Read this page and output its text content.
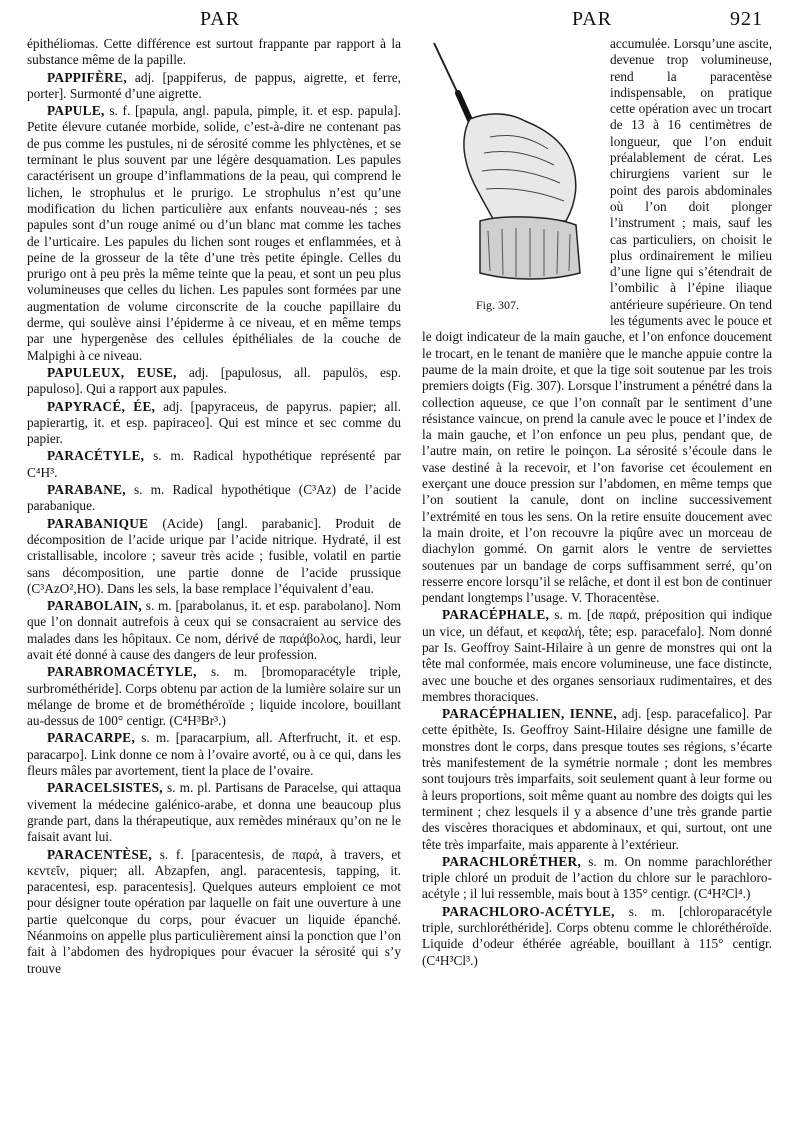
PAR	PAR	921

épithéliomas. Cette différence est surtout frappante par rapport à la substance même de la papille.

PAPPIFÈRE, adj. [pappiferus, de pappus, aigrette, et ferre, porter]. Surmonté d’une aigrette.

PAPULE, s. f. [papula, angl. papula, pimple, it. et esp. papula]. Petite élevure cutanée morbide, solide, c’est-à-dire ne contenant pas de pus comme les pustules, ni de sérosité comme les phlyctènes, et se terminant le plus souvent par une légère desquamation. Les papules caractérisent un groupe d’inflammations de la peau, qui comprend le lichen, le strophulus et le prurigo. Le strophulus n’est qu’une modification du lichen particulière aux enfants nouveau-nés ; ses papules sont d’un rouge animé ou d’un blanc mat comme les taches de l’urticaire. Les papules du lichen sont rouges et enflammées, et à peine de la grosseur de la tête d’une très petite épingle. Celles du prurigo ont à peu près la même teinte que la peau, et sont un peu plus volumineuses que celles du lichen. Les papules sont formées par une augmentation de volume circonscrite de la couche papillaire du derme, qui soulève ainsi l’épiderme à ce niveau, et en même temps par une hypergenèse des cellules épithéliales de la couche de Malpighi à ce niveau.

PAPULEUX, EUSE, adj. [papulosus, all. papulös, esp. papuloso]. Qui a rapport aux papules.

PAPYRACÉ, ÉE, adj. [papyraceus, de papyrus. papier; all. papierartig, it. et esp. papiraceo]. Qui est mince et sec comme du papier.

PARACÉTYLE, s. m. Radical hypothétique représenté par C⁴H³.

PARABANE, s. m. Radical hypothétique (C³Az) de l’acide parabanique.

PARABANIQUE (Acide) [angl. parabanic]. Produit de décomposition de l’acide urique par l’acide nitrique. Hydraté, il est cristallisable, incolore ; saveur très acide ; fusible, volatil en partie sans décomposition, une partie donne de l’acide prussique (C³AzO²,HO). Dans les sels, la base remplace l’équivalent d’eau.

PARABOLAIN, s. m. [parabolanus, it. et esp. parabolano]. Nom que l’on donnait autrefois à ceux qui se consacraient au service des malades dans les hôpitaux. Ce nom, dérivé de παράβολος, hardi, leur avait été donné à cause des dangers de leur profession.

PARABROMACÉTYLE, s. m. [bromoparacétyle triple, surbrométhéride]. Corps obtenu par action de la lumière solaire sur un mélange de brome et de brométhéroïde ; liquide incolore, bouillant au-dessus de 100° centigr. (C⁴H³Br³.)

PARACARPE, s. m. [paracarpium, all. Afterfrucht, it. et esp. paracarpo]. Link donne ce nom à l’ovaire avorté, ou à ce qui, dans les fleurs mâles par avortement, tient la place de l’ovaire.

PARACELSISTES, s. m. pl. Partisans de Paracelse, qui attaqua vivement la médecine galénico-arabe, et donna une beaucoup plus grande part, dans la thérapeutique, aux remèdes minéraux qu’on ne le faisait avant lui.

PARACENTÈSE, s. f. [paracentesis, de παρά, à travers, et κεντεῖν, piquer; all. Abzapfen, angl. paracentesis, tapping, it. paracentesi, esp. paracentesis]. Quelques auteurs emploient ce mot pour désigner toute opération par laquelle on fait une ouverture à une partie quelconque du corps, pour évacuer un liquide épanché. Néanmoins on appelle plus particulièrement ainsi la ponction que l’on fait à l’abdomen des hydropiques pour évacuer la sérosité qui s’y trouve

Fig. 307.
accumulée. Lorsqu’une ascite, devenue trop volumineuse, rend la paracentèse indispensable, on pratique cette opération avec un trocart de 13 à 16 centimètres de longueur, que l’on enduit préalablement de cérat. Les chirurgiens varient sur le point des parois abdominales où l’on doit plonger l’instrument ; mais, sauf les cas particuliers, on choisit le plus ordinairement le milieu d’une ligne qui s’étendrait de l’ombilic à l’épine iliaque antérieure supérieure. On tend les téguments avec le pouce et le doigt indicateur de la main gauche, et l’on enfonce doucement le trocart, en le tenant de manière que le manche appuie contre la paume de la main droite, et que la tige soit soutenue par les trois premiers doigts (Fig. 307). Lorsque l’instrument a pénétré dans la collection aqueuse, ce que l’on connaît par le sentiment d’une résistance vaincue, on prend la canule avec le pouce et l’index de la main gauche, et l’on enfonce un peu plus, pendant que, de l’autre main, on retire le poinçon. La sérosité s’écoule dans le vase destiné à la recevoir, et l’on favorise cet écoulement en exerçant une douce pression sur l’abdomen, en même temps que l’on soutient la canule, dont on incline successivement l’extrémité en tous les sens. On la retire ensuite doucement avec la main droite, et l’on recouvre la piqûre avec un morceau de diachylon gommé. On garnit alors le ventre de serviettes soutenues par un bandage de corps suffisamment serré, qu’on resserre encore lorsqu’il se relâche, et dont il est bon de continuer pendant longtemps l’usage. V. Thoracentèse.

PARACÉPHALE, s. m. [de παρά, préposition qui indique un vice, un défaut, et κεφαλή, tête; esp. paracefalo]. Nom donné par Is. Geoffroy Saint-Hilaire à un genre de monstres qui ont la tête mal conformée, mais encore volumineuse, une face distincte, avec une bouche et des organes sensoriaux rudimentaires, et des membres thoraciques.

PARACÉPHALIEN, IENNE, adj. [esp. paracefalico]. Par cette épithète, Is. Geoffroy Saint-Hilaire désigne une famille de monstres dont le corps, dans presque toutes ses régions, s’écarte très manifestement de la symétrie normale ; dont les membres sont toujours très imparfaits, soit seulement quant à leur forme ou à leurs proportions, soit même quant au nombre des doigts qui les terminent ; chez lesquels il y a absence d’une très grande partie des viscères thoraciques et abdominaux, et qui, surtout, ont une tête très imparfaite, mais apparente à l’extérieur.

PARACHLORÉTHER, s. m. On nomme parachloréther triple chloré un produit de l’action du chlore sur le parachloro-acétyle ; il lui ressemble, mais bout à 135° centigr. (C⁴H²Cl⁴.)

PARACHLORO-ACÉTYLE, s. m. [chloroparacétyle triple, surchloréthéride]. Corps obtenu comme le chloréthéroïde. Liquide d’odeur éthérée agréable, bouillant à 115° centigr. (C⁴H³Cl³.)
